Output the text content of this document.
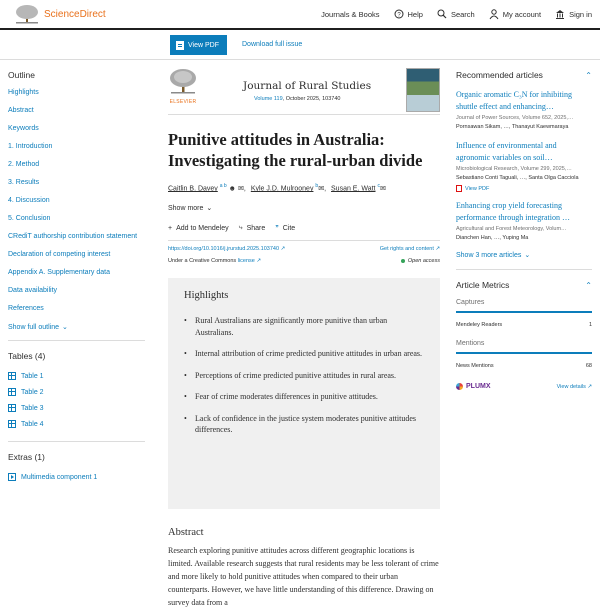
ScienceDirect	Journals & Books	? Help	Search	My account	Sign in
View PDF	Download full issue
Outline
Highlights
Abstract
Keywords
1. Introduction
2. Method
3. Results
4. Discussion
5. Conclusion
CRediT authorship contribution statement
Declaration of competing interest
Appendix A. Supplementary data
Data availability
References
Show full outline ⌄
Tables (4)
Table 1
Table 2
Table 3
Table 4
Extras (1)
Multimedia component 1
ELSEVIER
Journal of Rural Studies
Volume 119, October 2025, 103740
Punitive attitudes in Australia: Investigating the rural-urban divide
Caitlin B. Davey $^{a b}$ ☻ ✉, Kyle J.D. Mulrooney $^b$✉, Susan E. Watt $^c$✉
Show more ⌄
+ Add to Mendeley ⤷ Share ” Cite
https://doi.org/10.1016/j.jrurstud.2025.103740 ↗	Get rights and content ↗
Under a Creative Commons license ↗	Open access
Highlights
• Rural Australians are significantly more punitive than urban Australians.
• Internal attribution of crime predicted punitive attitudes in urban areas.
• Perceptions of crime predicted punitive attitudes in rural areas.
• Fear of crime moderates differences in punitive attitudes.
• Lack of confidence in the justice system moderates punitive attitudes differences.
Abstract

Research exploring punitive attitudes across different geographic locations is limited. Available research suggests that rural residents may be less tolerant of crime and more likely to hold punitive attitudes when compared to their urban counterparts. However, we have little understanding of this difference. Drawing on survey data from a

Recommended articles	⌃
Organic aromatic C₃N for inhibiting shuttle effect and enhancing…
Journal of Power Sources, Volume 652, 2025,…
Pornsawan Sikam, …, Thanayut Kaewmaraya
Influence of environmental and agronomic variables on soil…
Microbiological Research, Volume 299, 2025,…
Sebastiano Conti Taguali, …, Santa Olga Cacciola
View PDF
Enhancing crop yield forecasting performance through integration …
Agricultural and Forest Meteorology, Volum…
Dianchen Han, …, Yuping Ma
Show 3 more articles ⌄
Article Metrics	⌃
Captures
Mendeley Readers	1
Mentions
News Mentions	68
PLUMX	View details ↗
